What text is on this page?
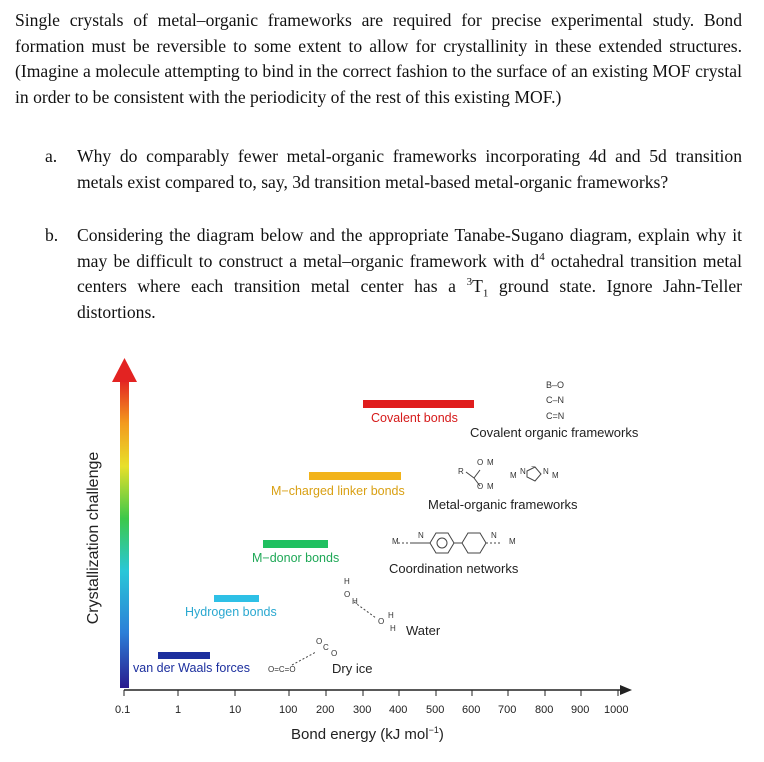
Single crystals of metal–organic frameworks are required for precise experimental study. Bond formation must be reversible to some extent to allow for crystallinity in these extended structures. (Imagine a molecule attempting to bind in the correct fashion to the surface of an existing MOF crystal in order to be consistent with the periodicity of the rest of this existing MOF.)

a. Why do comparably fewer metal-organic frameworks incorporating 4d and 5d transition metals exist compared to, say, 3d transition metal-based metal-organic frameworks?

b. Considering the diagram below and the appropriate Tanabe-Sugano diagram, explain why it may be difficult to construct a metal–organic framework with $d^4$ octahedral transition metal centers where each transition metal center has a $^3T_1$ ground state. Ignore Jahn-Teller distortions.

Crystallization challenge
0.1	1	10	100 200 300 400 500 600 700 800 900 1000
Bond energy (kJ mol$^{-1}$)
van der Waals forces
Hydrogen bonds
M−donor bonds
M−charged linker bonds
Covalent bonds
Dry ice
Water
Coordination networks
Metal-organic frameworks
Covalent organic frameworks
B–O
C–N
C=N
O M
R
O M
M N − N M
M
N	N
M
H
O
H
O
H
H
O=C=O
O
C
O
